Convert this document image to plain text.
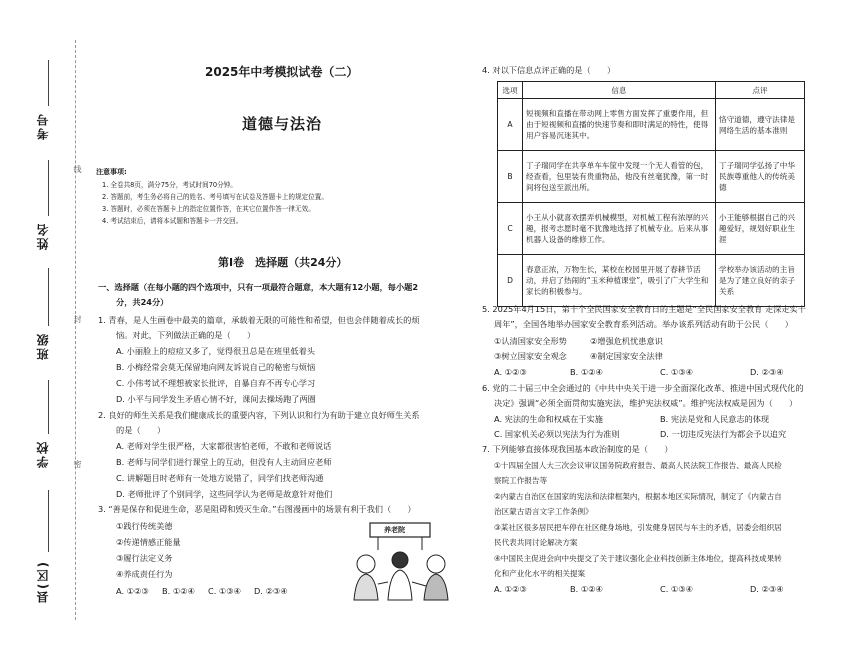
考号
姓名
班级
学校
县(区)
线
封
密
2025年中考模拟试卷（二）
道德与法治
注意事项:
1. 全卷共8页，满分75分，考试时间70分钟。
2. 答题前，考生务必将自己的姓名、考号填写在试卷及答题卡上的规定位置。
3. 答题时，必须在答题卡上的指定位置作答，在其它位置作答一律无效。
4. 考试结束后，请将本试题和答题卡一并交回。
第Ⅰ卷　选择题（共24分）
一、选择题（在每小题的四个选项中，只有一项最符合题意，本大题有12小题，每小题2
分，共24分）
1. 青春，是人生画卷中最美的篇章，承载着无限的可能性和希望，但也会伴随着成长的烦
恼。对此，下列做法正确的是（　　）
A. 小丽脸上的痘痘又多了，觉得很丑总是在班里低着头
B. 小梅经常会莫无保留地向网友诉说自己的秘密与烦恼
C. 小伟考试不理想被家长批评，自暴自弃不再专心学习
D. 小平与同学发生矛盾心情不好，课间去操场跑了两圈
2. 良好的师生关系是我们健康成长的重要内容，下列认识和行为有助于建立良好师生关系
的是（　　）
A. 老师对学生很严格，大家都很害怕老师，不敢和老师说话
B. 老师与同学们进行课堂上的互动，但没有人主动回应老师
C. 讲解题目时老师有一处地方说错了，同学们找老师沟通
D. 老师批评了个别同学，这些同学认为老师是故意针对他们
3. “善是保存和促进生命，恶是阻碍和毁灭生命。”右图漫画中的场景有利于我们（　　）
①践行传统美德
②传递情感正能量
③履行法定义务
④养成责任行为
A. ①②③ B. ①②④ C. ①③④ D. ②③④
养老院
4. 对以下信息点评正确的是（　　）
选项	信息	点评
A	短视频和直播在带动网上零售方面发挥了重要作用，但由于短视频和直播的快速节奏和即时满足的特性，使得用户容易沉迷其中。	恪守道德，遵守法律是网络生活的基本准则
B	丁子瑞同学在共享单车车筐中发现一个无人看管的包，经查看，包里装有贵重物品，他没有丝毫犹豫，第一时间将包送至派出所。	丁子瑞同学弘扬了中华民族尊重他人的传统美德
C	小王从小就喜欢摆弄机械模型，对机械工程有浓厚的兴趣，报考志愿时毫不犹豫地选择了机械专业。后来从事机器人设备的维修工作。	小王能够根据自己的兴趣爱好，规划好职业生涯
D	春意正浓，万物生长，某校在校园里开展了春耕节活动，并启了热闹的“玉米种植课堂”，吸引了广大学生和家长的积极参与。	学校举办该活动的主旨是为了建立良好的亲子关系
5. 2025年4月15日，第十个全民国家安全教育日的主题是“全民国家安全教育 走深走实十
周年”，全国各地举办国家安全教育系列活动。举办该系列活动有助于公民（　　）
①认清国家安全形势	②增强危机忧患意识
③树立国家安全观念	④制定国家安全法律
A. ①②③	B. ①②④	C. ①③④	D. ②③④
6. 党的二十届三中全会通过的《中共中央关于进一步全面深化改革、推进中国式现代化的
决定》强调“必须全面贯彻实施宪法，维护宪法权威”。维护宪法权威是因为（　　）
A. 宪法的生命和权威在于实施	B. 宪法是党和人民意志的体现
C. 国家机关必须以宪法为行为准则	D. 一切违反宪法行为都会予以追究
7. 下列能够直接体现我国基本政治制度的是（　　）
①十四届全国人大三次会议审议国务院政府报告、最高人民法院工作报告、最高人民检
察院工作报告等
②内蒙古自治区在国家的宪法和法律框架内，根据本地区实际情况，制定了《内蒙古自
治区蒙古语言文字工作条例》
③某社区很多居民把车停在社区健身场地，引发健身居民与车主的矛盾，居委会组织居
民代表共同讨论解决方案
④中国民主促进会向中央提交了关于建议强化企业科技创新主体地位，提高科技成果转
化和产业化水平的相关提案
A. ①②③	B. ①②④	C. ①③④	D. ②③④
